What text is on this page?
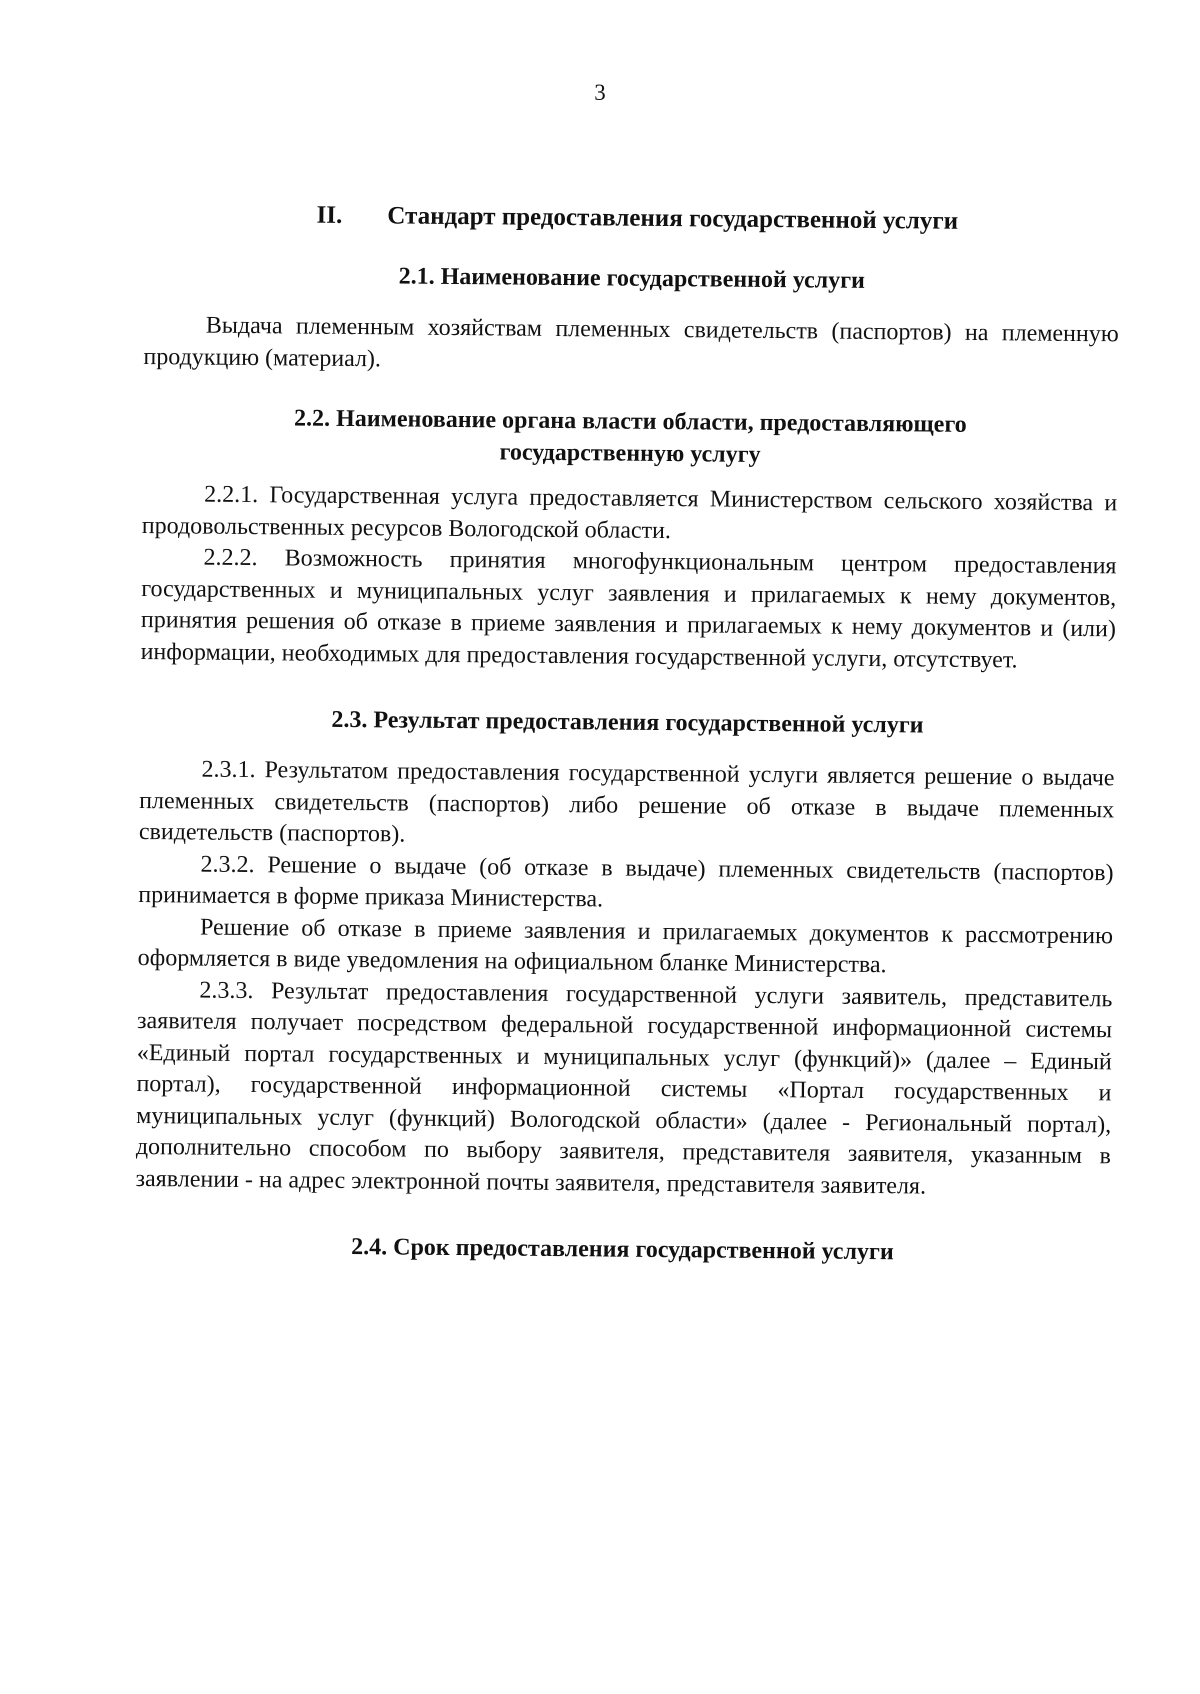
3
II. Стандарт предоставления государственной услуги

2.1. Наименование государственной услуги

Выдача племенным хозяйствам племенных свидетельств (паспортов) на племенную продукцию (материал).

2.2. Наименование органа власти области, предоставляющего

государственную услугу

2.2.1. Государственная услуга предоставляется Министерством сельского хозяйства и продовольственных ресурсов Вологодской области.

2.2.2. Возможность принятия многофункциональным центром предоставления государственных и муниципальных услуг заявления и прилагаемых к нему документов, принятия решения об отказе в приеме заявления и прилагаемых к нему документов и (или) информации, необходимых для предоставления государственной услуги, отсутствует.

2.3. Результат предоставления государственной услуги

2.3.1. Результатом предоставления государственной услуги является решение о выдаче племенных свидетельств (паспортов) либо решение об отказе в выдаче племенных свидетельств (паспортов).

2.3.2. Решение о выдаче (об отказе в выдаче) племенных свидетельств (паспортов) принимается в форме приказа Министерства.

Решение об отказе в приеме заявления и прилагаемых документов к рассмотрению оформляется в виде уведомления на официальном бланке Министерства.

2.3.3. Результат предоставления государственной услуги заявитель, представитель заявителя получает посредством федеральной государственной информационной системы «Единый портал государственных и муниципальных услуг (функций)» (далее – Единый портал), государственной информационной системы «Портал государственных и муниципальных услуг (функций) Вологодской области» (далее - Региональный портал), дополнительно способом по выбору заявителя, представителя заявителя, указанным в заявлении - на адрес электронной почты заявителя, представителя заявителя.

2.4. Срок предоставления государственной услуги
